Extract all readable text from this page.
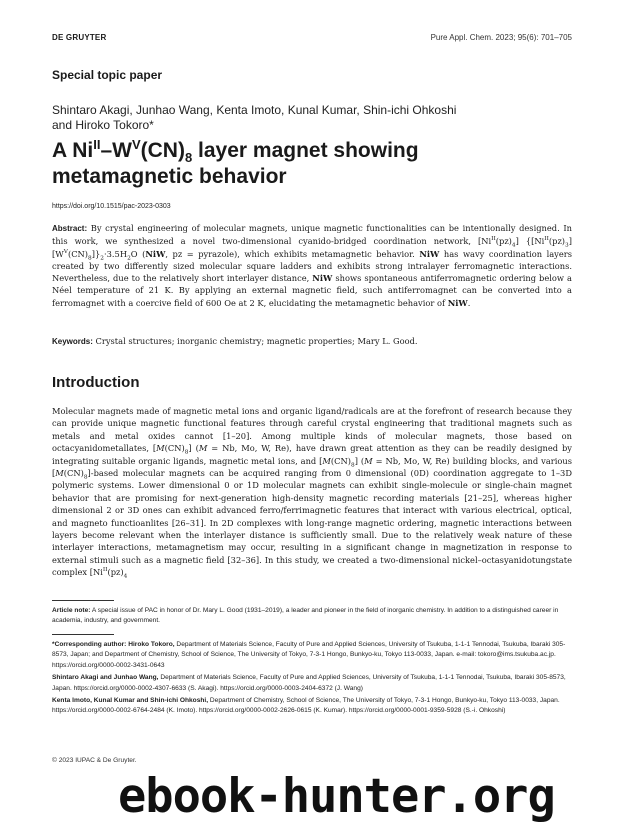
DE GRUYTER	Pure Appl. Chem. 2023; 95(6): 701–705
Special topic paper
Shintaro Akagi, Junhao Wang, Kenta Imoto, Kunal Kumar, Shin-ichi Ohkoshi and Hiroko Tokoro*
A $Ni^{II}-W^V(CN)_8$ layer magnet showing metamagnetic behavior
https://doi.org/10.1515/pac-2023-0303
Abstract: By crystal engineering of molecular magnets, unique magnetic functionalities can be intentionally designed. In this work, we synthesized a novel two-dimensional cyanido-bridged coordination network, $[Ni^{II}(pz)_4]$ $\{[Ni^{II}(pz)_3][W^V(CN)_8]\}_2\cdot 3.5H_2O$ (NiW, pz = pyrazole), which exhibits metamagnetic behavior. NiW has wavy coordination layers created by two differently sized molecular square ladders and exhibits strong intralayer ferromagnetic interactions. Nevertheless, due to the relatively short interlayer distance, NiW shows spontaneous antiferromagnetic ordering below a Néel temperature of 21 K. By applying an external magnetic field, such antiferromagnet can be converted into a ferromagnet with a coercive field of 600 Oe at 2 K, elucidating the metamagnetic behavior of NiW.
Keywords: Crystal structures; inorganic chemistry; magnetic properties; Mary L. Good.
Introduction
Molecular magnets made of magnetic metal ions and organic ligand/radicals are at the forefront of research because they can provide unique magnetic functional features through careful crystal engineering that traditional magnets such as metals and metal oxides cannot [1–20]. Among multiple kinds of molecular magnets, those based on octacyanidometallates, $[M(CN)_8] (M = Nb$, Mo, W, Re), have drawn great attention as they can be readily designed by integrating suitable organic ligands, magnetic metal ions, and $[M(CN)_8] (M = Nb$, Mo, W, Re) building blocks, and various $[M(CN)_8]$-based molecular magnets can be acquired ranging from 0 dimensional (0D) coordination aggregate to 1–3D polymeric systems. Lower dimensional 0 or 1D molecular magnets can exhibit single-molecule or single-chain magnet behavior that are promising for next-generation high-density magnetic recording materials [21–25], whereas higher dimensional 2 or 3D ones can exhibit advanced ferro/ferrimagnetic features that interact with various electrical, optical, and magneto functioanlites [26–31]. In 2D complexes with long-range magnetic ordering, magnetic interactions between layers become relevant when the interlayer distance is sufficiently small. Due to the relatively weak nature of these interlayer interactions, metamagnetism may occur, resulting in a significant change in magnetization in response to external stimuli such as a magnetic field [32–36]. In this study, we created a two-dimensional nickel–octasyanidotungstate complex [$Ni^{II}(pz)_4$
Article note: A special issue of PAC in honor of Dr. Mary L. Good (1931–2019), a leader and pioneer in the field of inorganic chemistry. In addition to a distinguished career in academia, industry, and government.

*Corresponding author: Hiroko Tokoro, Department of Materials Science, Faculty of Pure and Applied Sciences, University of Tsukuba, 1-1-1 Tennodai, Tsukuba, Ibaraki 305-8573, Japan; and Department of Chemistry, School of Science, The University of Tokyo, 7-3-1 Hongo, Bunkyo-ku, Tokyo 113-0033, Japan. e-mail: tokoro@ims.tsukuba.ac.jp. https://orcid.org/0000-0002-3431-0643

Shintaro Akagi and Junhao Wang, Department of Materials Science, Faculty of Pure and Applied Sciences, University of Tsukuba, 1-1-1 Tennodai, Tsukuba, Ibaraki 305-8573, Japan. https://orcid.org/0000-0002-4307-6633 (S. Akagi). https://orcid.org/0000-0003-2404-6372 (J. Wang)

Kenta Imoto, Kunal Kumar and Shin-ichi Ohkoshi, Department of Chemistry, School of Science, The University of Tokyo, 7-3-1 Hongo, Bunkyo-ku, Tokyo 113-0033, Japan. https://orcid.org/0000-0002-6764-2484 (K. Imoto). https://orcid.org/0000-0002-2626-0615 (K. Kumar). https://orcid.org/0000-0001-9359-5928 (S.-i. Ohkoshi)

© 2023 IUPAC & De Gruyter.
ebook-hunter.org
